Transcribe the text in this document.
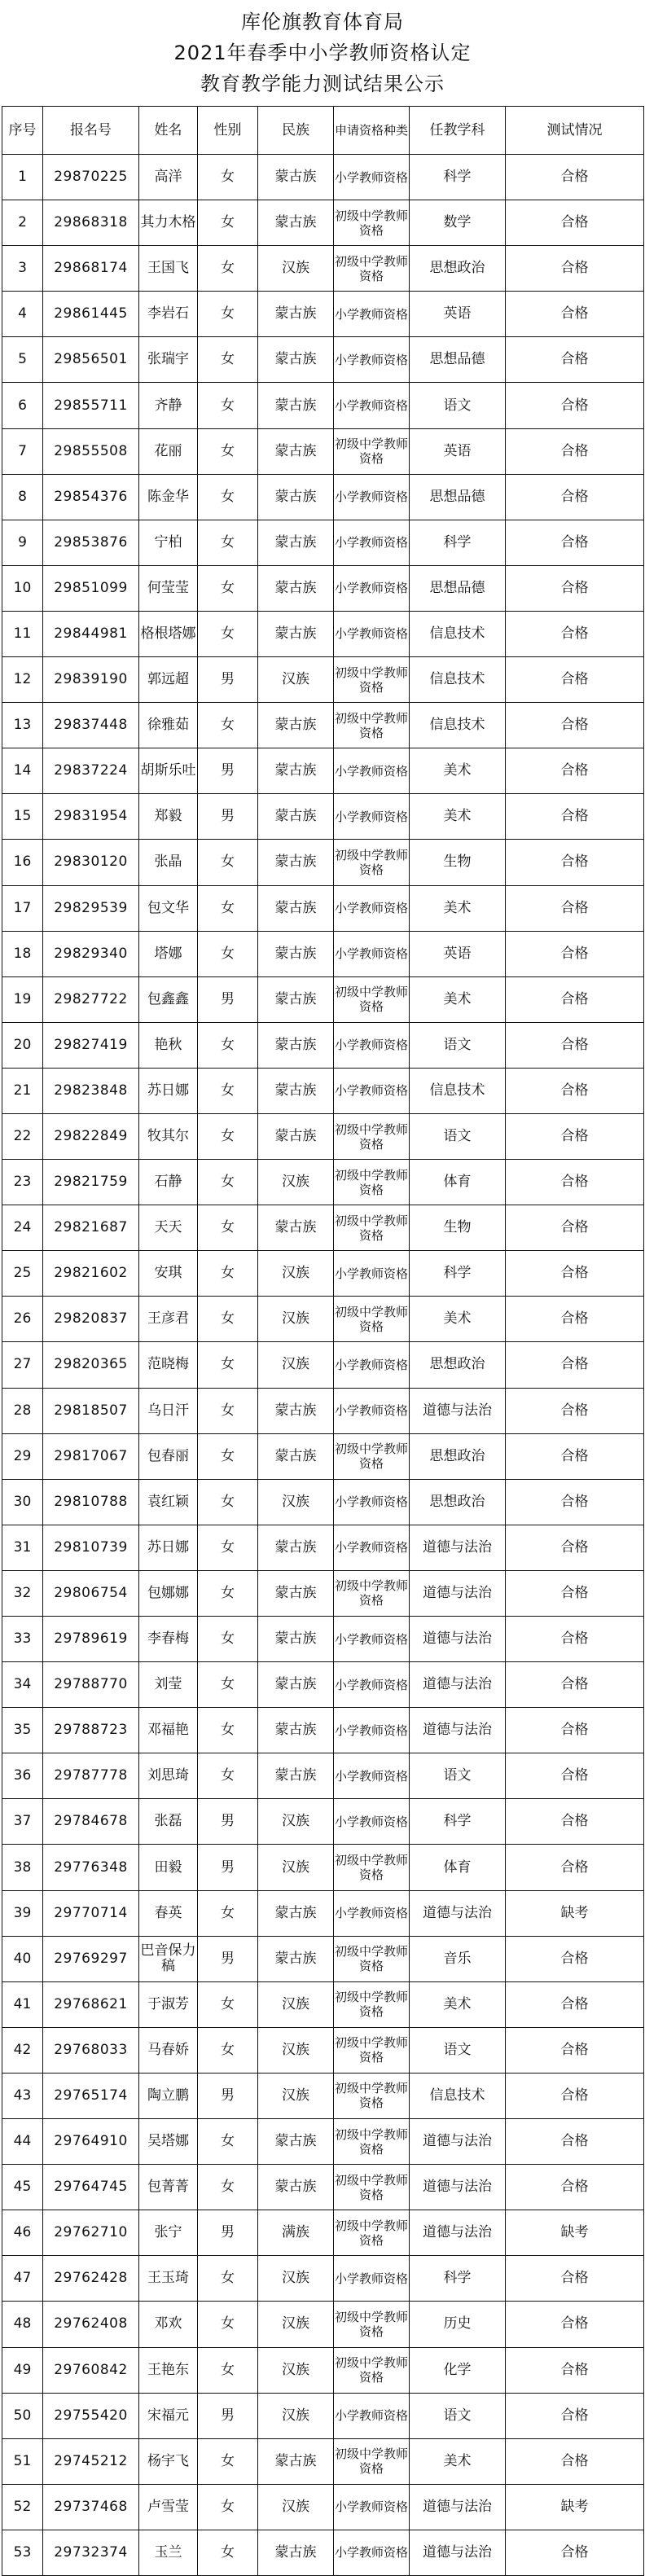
库伦旗教育体育局
2021年春季中小学教师资格认定
教育教学能力测试结果公示
序号	报名号	姓名	性别	民族	申请资格种类	任教学科	测试情况
1	29870225	高洋	女	蒙古族	小学教师资格	科学	合格
2	29868318	其力木格	女	蒙古族	初级中学教师资格	数学	合格
3	29868174	王国飞	女	汉族	初级中学教师资格	思想政治	合格
4	29861445	李岩石	女	蒙古族	小学教师资格	英语	合格
5	29856501	张瑞宇	女	蒙古族	小学教师资格	思想品德	合格
6	29855711	齐静	女	蒙古族	小学教师资格	语文	合格
7	29855508	花丽	女	蒙古族	初级中学教师资格	英语	合格
8	29854376	陈金华	女	蒙古族	小学教师资格	思想品德	合格
9	29853876	宁柏	女	蒙古族	小学教师资格	科学	合格
10	29851099	何莹莹	女	蒙古族	小学教师资格	思想品德	合格
11	29844981	格根塔娜	女	蒙古族	小学教师资格	信息技术	合格
12	29839190	郭远超	男	汉族	初级中学教师资格	信息技术	合格
13	29837448	徐雅茹	女	蒙古族	初级中学教师资格	信息技术	合格
14	29837224	胡斯乐吐	男	蒙古族	小学教师资格	美术	合格
15	29831954	郑毅	男	蒙古族	小学教师资格	美术	合格
16	29830120	张晶	女	蒙古族	初级中学教师资格	生物	合格
17	29829539	包文华	女	蒙古族	小学教师资格	美术	合格
18	29829340	塔娜	女	蒙古族	小学教师资格	英语	合格
19	29827722	包鑫鑫	男	蒙古族	初级中学教师资格	美术	合格
20	29827419	艳秋	女	蒙古族	小学教师资格	语文	合格
21	29823848	苏日娜	女	蒙古族	小学教师资格	信息技术	合格
22	29822849	牧其尔	女	蒙古族	初级中学教师资格	语文	合格
23	29821759	石静	女	汉族	初级中学教师资格	体育	合格
24	29821687	天天	女	蒙古族	初级中学教师资格	生物	合格
25	29821602	安琪	女	汉族	小学教师资格	科学	合格
26	29820837	王彦君	女	汉族	初级中学教师资格	美术	合格
27	29820365	范晓梅	女	汉族	小学教师资格	思想政治	合格
28	29818507	乌日汗	女	蒙古族	小学教师资格	道德与法治	合格
29	29817067	包春丽	女	蒙古族	初级中学教师资格	思想政治	合格
30	29810788	袁红颖	女	汉族	小学教师资格	思想政治	合格
31	29810739	苏日娜	女	蒙古族	小学教师资格	道德与法治	合格
32	29806754	包娜娜	女	蒙古族	初级中学教师资格	道德与法治	合格
33	29789619	李春梅	女	蒙古族	小学教师资格	道德与法治	合格
34	29788770	刘莹	女	蒙古族	小学教师资格	道德与法治	合格
35	29788723	邓福艳	女	蒙古族	小学教师资格	道德与法治	合格
36	29787778	刘思琦	女	蒙古族	小学教师资格	语文	合格
37	29784678	张磊	男	汉族	小学教师资格	科学	合格
38	29776348	田毅	男	汉族	初级中学教师资格	体育	合格
39	29770714	春英	女	蒙古族	小学教师资格	道德与法治	缺考
40	29769297	巴音保力稿	男	蒙古族	初级中学教师资格	音乐	合格
41	29768621	于淑芳	女	汉族	初级中学教师资格	美术	合格
42	29768033	马春娇	女	汉族	初级中学教师资格	语文	合格
43	29765174	陶立鹏	男	汉族	初级中学教师资格	信息技术	合格
44	29764910	吴塔娜	女	蒙古族	初级中学教师资格	道德与法治	合格
45	29764745	包菁菁	女	蒙古族	初级中学教师资格	道德与法治	合格
46	29762710	张宁	男	满族	初级中学教师资格	道德与法治	缺考
47	29762428	王玉琦	女	汉族	小学教师资格	科学	合格
48	29762408	邓欢	女	汉族	初级中学教师资格	历史	合格
49	29760842	王艳东	女	汉族	初级中学教师资格	化学	合格
50	29755420	宋福元	男	汉族	小学教师资格	语文	合格
51	29745212	杨宇飞	女	蒙古族	初级中学教师资格	美术	合格
52	29737468	卢雪莹	女	汉族	小学教师资格	道德与法治	缺考
53	29732374	玉兰	女	蒙古族	小学教师资格	道德与法治	合格
